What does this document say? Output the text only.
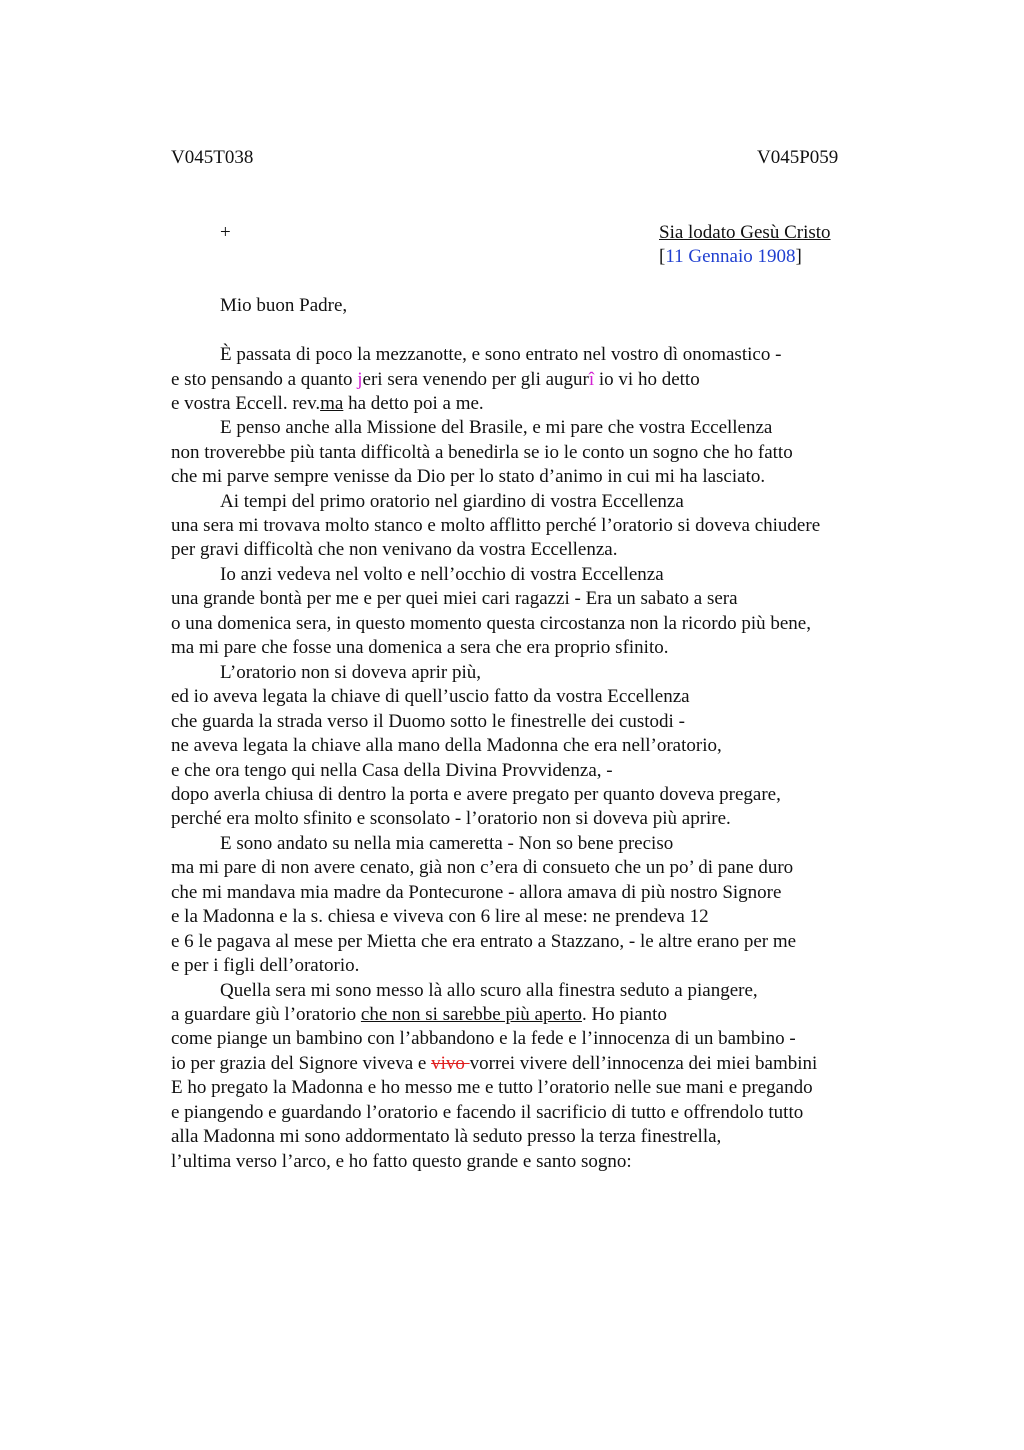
V045T038	V045P059
+	Sia lodato Gesù Cristo
[11 Gennaio 1908]
Mio buon Padre,
È passata di poco la mezzanotte, e sono entrato nel vostro dì onomastico -
e sto pensando a quanto jeri sera venendo per gli augurî io vi ho detto
e vostra Eccell. rev.ma ha detto poi a me.
E penso anche alla Missione del Brasile, e mi pare che vostra Eccellenza
non troverebbe più tanta difficoltà a benedirla se io le conto un sogno che ho fatto
che mi parve sempre venisse da Dio per lo stato d’animo in cui mi ha lasciato.
Ai tempi del primo oratorio nel giardino di vostra Eccellenza
una sera mi trovava molto stanco e molto afflitto perché l’oratorio si doveva chiudere
per gravi difficoltà che non venivano da vostra Eccellenza.
Io anzi vedeva nel volto e nell’occhio di vostra Eccellenza
una grande bontà per me e per quei miei cari ragazzi - Era un sabato a sera
o una domenica sera, in questo momento questa circostanza non la ricordo più bene,
ma mi pare che fosse una domenica a sera che era proprio sfinito.
L’oratorio non si doveva aprir più,
ed io aveva legata la chiave di quell’uscio fatto da vostra Eccellenza
che guarda la strada verso il Duomo sotto le finestrelle dei custodi -
ne aveva legata la chiave alla mano della Madonna che era nell’oratorio,
e che ora tengo qui nella Casa della Divina Provvidenza, -
dopo averla chiusa di dentro la porta e avere pregato per quanto doveva pregare,
perché era molto sfinito e sconsolato - l’oratorio non si doveva più aprire.
E sono andato su nella mia cameretta - Non so bene preciso
ma mi pare di non avere cenato, già non c’era di consueto che un po’ di pane duro
che mi mandava mia madre da Pontecurone - allora amava di più nostro Signore
e la Madonna e la s. chiesa e viveva con 6 lire al mese: ne prendeva 12
e 6 le pagava al mese per Mietta che era entrato a Stazzano, - le altre erano per me
e per i figli dell’oratorio.
Quella sera mi sono messo là allo scuro alla finestra seduto a piangere,
a guardare giù l’oratorio che non si sarebbe più aperto. Ho pianto
come piange un bambino con l’abbandono e la fede e l’innocenza di un bambino -
io per grazia del Signore viveva e vivo vorrei vivere dell’innocenza dei miei bambini
E ho pregato la Madonna e ho messo me e tutto l’oratorio nelle sue mani e pregando
e piangendo e guardando l’oratorio e facendo il sacrificio di tutto e offrendolo tutto
alla Madonna mi sono addormentato là seduto presso la terza finestrella,
l’ultima verso l’arco, e ho fatto questo grande e santo sogno:
